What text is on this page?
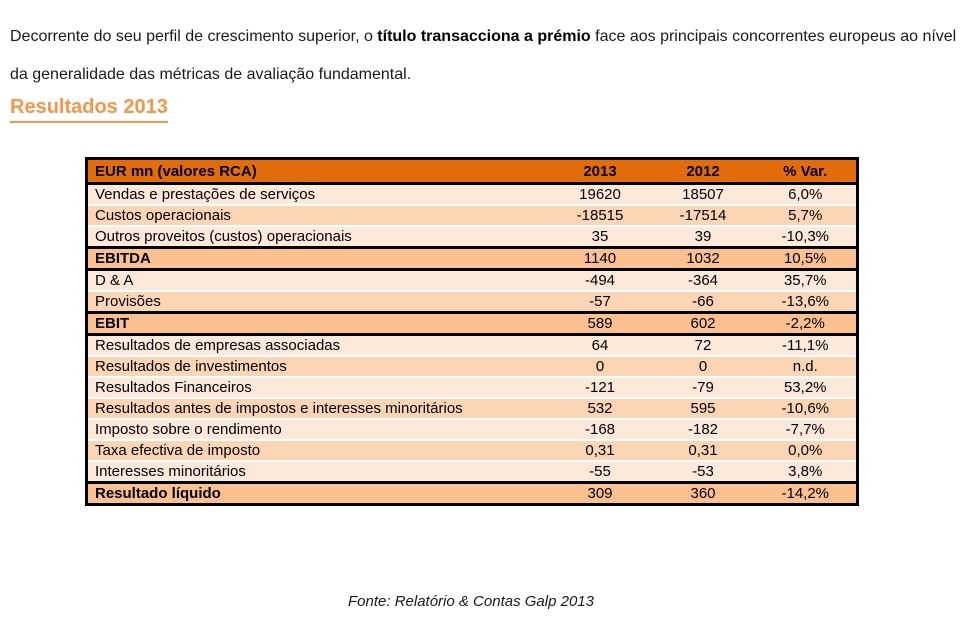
Decorrente do seu perfil de crescimento superior, o título transacciona a prémio face aos principais concorrentes europeus ao nível da generalidade das métricas de avaliação fundamental.

Resultados 2013
EUR mn (valores RCA)	2013	2012	% Var.
Vendas e prestações de serviços	19620	18507	6,0%
Custos operacionais	-18515	-17514	5,7%
Outros proveitos (custos) operacionais	35	39	-10,3%
EBITDA	1140	1032	10,5%
D & A	-494	-364	35,7%
Provisões	-57	-66	-13,6%
EBIT	589	602	-2,2%
Resultados de empresas associadas	64	72	-11,1%
Resultados de investimentos	0	0	n.d.
Resultados Financeiros	-121	-79	53,2%
Resultados antes de impostos e interesses minoritários	532	595	-10,6%
Imposto sobre o rendimento	-168	-182	-7,7%
Taxa efectiva de imposto	0,31	0,31	0,0%
Interesses minoritários	-55	-53	3,8%
Resultado líquido	309	360	-14,2%
Fonte: Relatório & Contas Galp 2013
